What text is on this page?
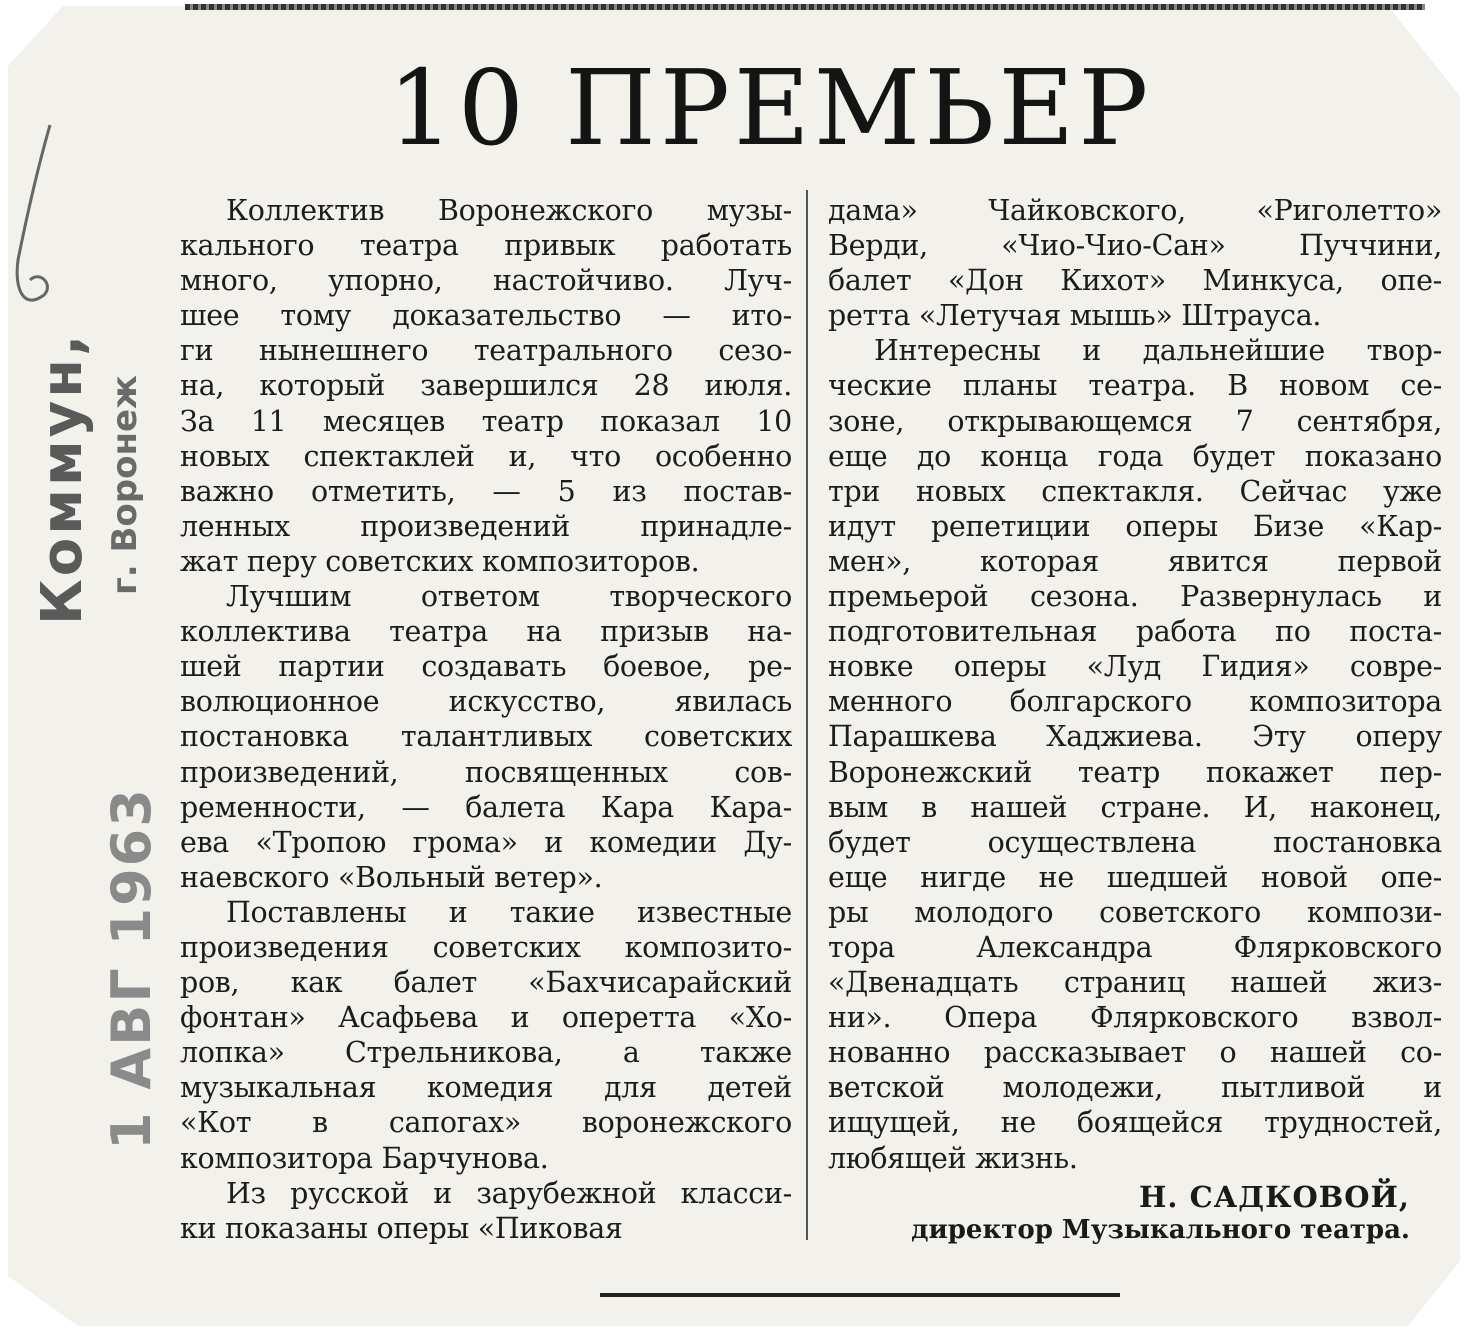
Коммун, г. Воронеж
1 АВГ 1963
10 ПРЕМЬЕР
Коллектив Воронежского музы-
кального театра привык работать
много, упорно, настойчиво. Луч-
шее тому доказательство — ито-
ги нынешнего театрального сезо-
на, который завершился 28 июля.
За 11 месяцев театр показал 10
новых спектаклей и, что особенно
важно отметить, — 5 из постав-
ленных произведений принадле-
жат перу советских композиторов.
Лучшим ответом творческого
коллектива театра на призыв на-
шей партии создавать боевое, ре-
волюционное искусство, явилась
постановка талантливых советских
произведений, посвященных сов-
ременности, — балета Кара Кара-
ева «Тропою грома» и комедии Ду-
наевского «Вольный ветер».
Поставлены и такие известные
произведения советских композито-
ров, как балет «Бахчисарайский
фонтан» Асафьева и оперетта «Хо-
лопка» Стрельникова, а также
музыкальная комедия для детей
«Кот в сапогах» воронежского
композитора Барчунова.
Из русской и зарубежной класси-
ки показаны оперы «Пиковая
дама» Чайковского, «Риголетто»
Верди, «Чио-Чио-Сан» Пуччини,
балет «Дон Кихот» Минкуса, опе-
ретта «Летучая мышь» Штрауса.
Интересны и дальнейшие твор-
ческие планы театра. В новом се-
зоне, открывающемся 7 сентября,
еще до конца года будет показано
три новых спектакля. Сейчас уже
идут репетиции оперы Бизе «Кар-
мен», которая явится первой
премьерой сезона. Развернулась и
подготовительная работа по поста-
новке оперы «Луд Гидия» совре-
менного болгарского композитора
Парашкева Хаджиева. Эту оперу
Воронежский театр покажет пер-
вым в нашей стране. И, наконец,
будет осуществлена постановка
еще нигде не шедшей новой опе-
ры молодого советского компози-
тора Александра Флярковского
«Двенадцать страниц нашей жиз-
ни». Опера Флярковского взвол-
нованно рассказывает о нашей со-
ветской молодежи, пытливой и
ищущей, не боящейся трудностей,
любящей жизнь.
Н. САДКОВОЙ,
директор Музыкального театра.
